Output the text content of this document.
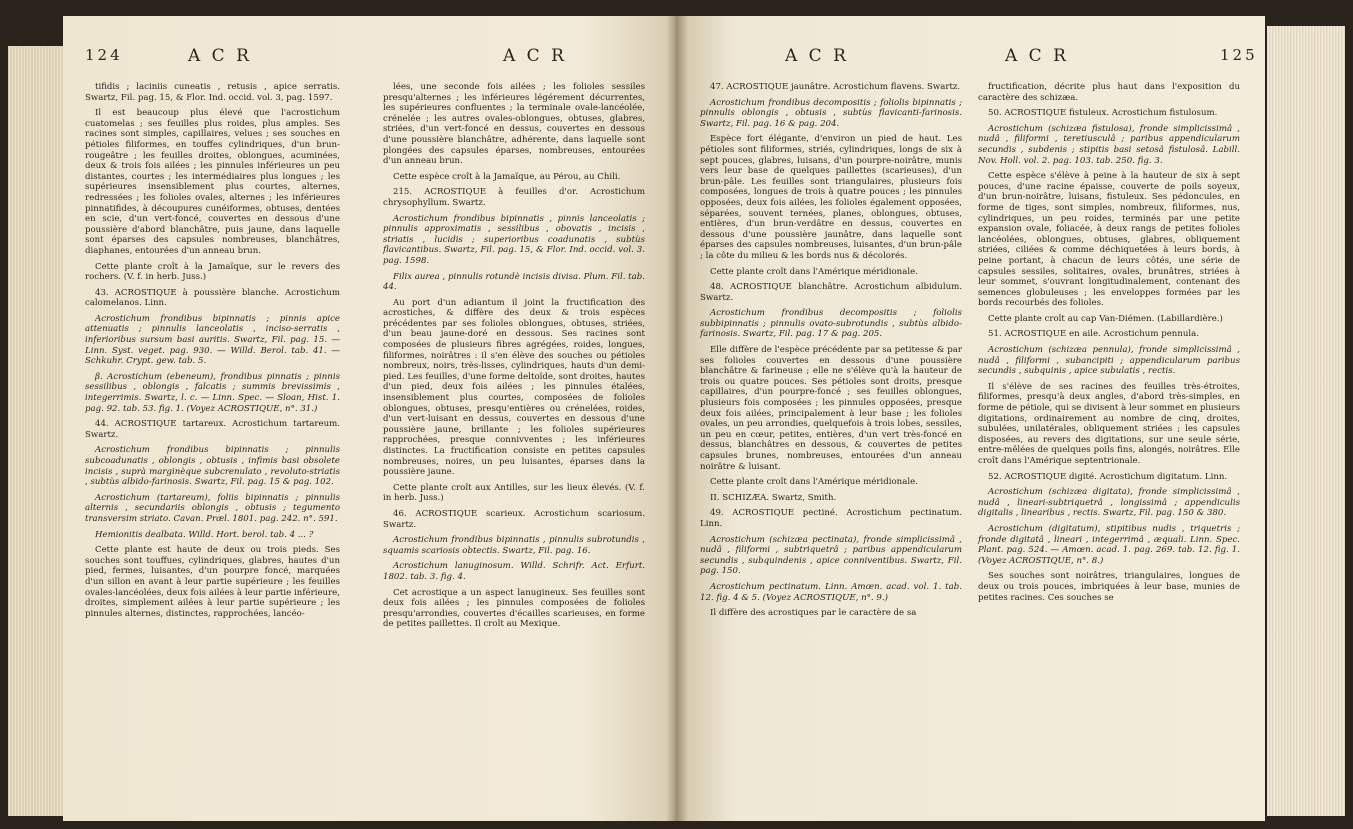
124	A C R	A C R

tifidis ; laciniis cuneatis , retusis , apice serratis. Swartz, Fil. pag. 15, & Flor. Ind. occid. vol. 3, pag. 1597.

Il est beaucoup plus élevé que l'acrostichum cuatomelas ; ses feuilles plus roides, plus amples. Ses racines sont simples, capillaires, velues ; ses souches en pétioles filiformes, en touffes cylindriques, d'un brun-rougeâtre ; les feuilles droites, oblongues, acuminées, deux & trois fois ailées ; les pinnules inférieures un peu distantes, courtes ; les intermédiaires plus longues ; les supérieures insensiblement plus courtes, alternes, redressées ; les folioles ovales, alternes ; les inférieures pinnatifides, à découpures cunéiformes, obtuses, dentées en scie, d'un vert-foncé, couvertes en dessous d'une poussière d'abord blanchâtre, puis jaune, dans laquelle sont éparses des capsules nombreuses, blanchâtres, diaphanes, entourées d'un anneau brun.

Cette plante croît à la Jamaïque, sur le revers des rochers. (V. f. in herb. Juss.)

43. ACROSTIQUE à poussière blanche. Acrostichum calomelanos. Linn.

Acrostichum frondibus bipinnatis ; pinnis apice attenuatis ; pinnulis lanceolatis , inciso-serratis , inferioribus sursum basi auritis. Swartz, Fil. pag. 15. — Linn. Syst. veget. pag. 930. — Willd. Berol. tab. 41. — Schkuhr. Crypt. gew. tab. 5.

β. Acrostichum (ebeneum), frondibus pinnatis ; pinnis sessilibus , oblongis , falcatis ; summis brevissimis , integerrimis. Swartz, l. c. — Linn. Spec. — Sloan, Hist. 1. pag. 92. tab. 53. fig. 1. (Voyez ACROSTIQUE, n°. 31.)

44. ACROSTIQUE tartareux. Acrostichum tartareum. Swartz.

Acrostichum frondibus bipinnatis ; pinnulis subcoadunatis , oblongis , obtusis , infimis basi obsolete incisis , suprà marginèque subcrenulato , revoluto-striatis , subtùs albido-farinosis. Swartz, Fil. pag. 15 & pag. 102.

Acrostichum (tartareum), foliis bipinnatis ; pinnulis alternis , secundariis oblongis , obtusis ; tegumento transversim striato. Cavan. Præl. 1801. pag. 242. n°. 591.

Hemionitis dealbata. Willd. Hort. berol. tab. 4 ... ?

Cette plante est haute de deux ou trois pieds. Ses souches sont touffues, cylindriques, glabres, hautes d'un pied, fermes, luisantes, d'un pourpre foncé, marquées d'un sillon en avant à leur partie supérieure ; les feuilles ovales-lancéolées, deux fois ailées à leur partie inférieure, droites, simplement ailées à leur partie supérieure ; les pinnules alternes, distinctes, rapprochées, lancéo-

lées, une seconde fois ailées ; les folioles sessiles presqu'alternes ; les inférieures légérement décurrentes, les supérieures confluentes ; la terminale ovale-lancéolée, crénelée ; les autres ovales-oblongues, obtuses, glabres, striées, d'un vert-foncé en dessus, couvertes en dessous d'une poussière blanchâtre, adhérente, dans laquelle sont plongées des capsules éparses, nombreuses, entourées d'un anneau brun.

Cette espèce croît à la Jamaïque, au Pérou, au Chili.

215. ACROSTIQUE à feuilles d'or. Acrostichum chrysophyllum. Swartz.

Acrostichum frondibus bipinnatis , pinnis lanceolatis ; pinnulis approximatis , sessilibus , obovatis , incisis , striatis , lucidis ; superioribus coadunatis , subtùs flavicantibus. Swartz, Fil. pag. 15, & Flor. Ind. occid. vol. 3. pag. 1598.

Filix aurea , pinnulis rotundè incisis divisa. Plum. Fil. tab. 44.

Au port d'un adiantum il joint la fructification des acrostiches, & diffère des deux & trois espèces précédentes par ses folioles oblongues, obtuses, striées, d'un beau jaune-doré en dessous. Ses racines sont composées de plusieurs fibres agrégées, roides, longues, filiformes, noirâtres : il s'en élève des souches ou pétioles nombreux, noirs, très-lisses, cylindriques, hauts d'un demi-pied. Les feuilles, d'une forme deltoïde, sont droites, hautes d'un pied, deux fois ailées ; les pinnules étalées, insensiblement plus courtes, composées de folioles oblongues, obtuses, presqu'entières ou crénelées, roides, d'un vert-luisant en dessus, couvertes en dessous d'une poussière jaune, brillante ; les folioles supérieures rapprochées, presque connivventes ; les inférieures distinctes. La fructification consiste en petites capsules nombreuses, noires, un peu luisantes, éparses dans la poussière jaune.

Cette plante croît aux Antilles, sur les lieux élevés. (V. f. in herb. Juss.)

46. ACROSTIQUE scarieux. Acrostichum scariosum. Swartz.

Acrostichum frondibus bipinnatis , pinnulis subrotundis , squamis scariosis obtectis. Swartz, Fil. pag. 16.

Acrostichum lanuginosum. Willd. Schrifr. Act. Erfurt. 1802. tab. 3. fig. 4.

Cet acrostique a un aspect lanugineux. Ses feuilles sont deux fois ailées ; les pinnules composées de folioles presqu'arrondies, couvertes d'écailles scarieuses, en forme de petites paillettes. Il croît au Mexique.

A C R	A C R	125

47. ACROSTIQUE jaunâtre. Acrostichum flavens. Swartz.

Acrostichum frondibus decompositis ; foliolis bipinnatis ; pinnulis oblongis , obtusis , subtùs flavicanti-farinosis. Swartz, Fil. pag. 16 & pag. 204.

Espèce fort élégante, d'environ un pied de haut. Les pétioles sont filiformes, striés, cylindriques, longs de six à sept pouces, glabres, luisans, d'un pourpre-noirâtre, munis vers leur base de quelques paillettes (scarieuses), d'un brun-pâle. Les feuilles sont triangulaires, plusieurs fois composées, longues de trois à quatre pouces ; les pinnules opposées, deux fois ailées, les folioles également opposées, séparées, souvent ternées, planes, oblongues, obtuses, entières, d'un brun-verdâtre en dessus, couvertes en dessous d'une poussière jaunâtre, dans laquelle sont éparses des capsules nombreuses, luisantes, d'un brun-pâle ; la côte du milieu & les bords nus & décolorés.

Cette plante croît dans l'Amérique méridionale.

48. ACROSTIQUE blanchâtre. Acrostichum albidulum. Swartz.

Acrostichum frondibus decompositis ; foliolis subbipinnatis ; pinnulis ovato-subrotundis , subtùs albido-farinosis. Swartz, Fil. pag. 17 & pag. 205.

Elle diffère de l'espèce précédente par sa petitesse & par ses folioles couvertes en dessous d'une poussière blanchâtre & farineuse ; elle ne s'élève qu'à la hauteur de trois ou quatre pouces. Ses pétioles sont droits, presque capillaires, d'un pourpre-foncé ; ses feuilles oblongues, plusieurs fois composées ; les pinnules opposées, presque deux fois ailées, principalement à leur base ; les folioles ovales, un peu arrondies, quelquefois à trois lobes, sessiles, un peu en cœur, petites, entières, d'un vert très-foncé en dessus, blanchâtres en dessous, & couvertes de petites capsules brunes, nombreuses, entourées d'un anneau noirâtre & luisant.

Cette plante croît dans l'Amérique méridionale.

II. SCHIZÆA. Swartz, Smith.

49. ACROSTIQUE pectiné. Acrostichum pectinatum. Linn.

Acrostichum (schizæa pectinata), fronde simplicissimâ , nudâ , filiformi , subtriquetrâ ; paribus appendicularum secundis , subquindenis , apice conniventibus. Swartz, Fil. pag. 150.

Acrostichum pectinatum. Linn. Amœn. acad. vol. 1. tab. 12. fig. 4 & 5. (Voyez ACROSTIQUE, n°. 9.)

Il diffère des acrostiques par le caractère de sa

fructification, décrite plus haut dans l'exposition du caractère des schizæa.

50. ACROSTIQUE fistuleux. Acrostichum fistulosum.

Acrostichum (schizæa fistulosa), fronde simplicissimâ , nudâ , filiformi , teretiusculâ ; paribus appendicularum secundis , subdenis ; stipitis basi setosâ fistulosâ. Labill. Nov. Holl. vol. 2. pag. 103. tab. 250. fig. 3.

Cette espèce s'élève à peine à la hauteur de six à sept pouces, d'une racine épaisse, couverte de poils soyeux, d'un brun-noirâtre, luisans, fistuleux. Ses pédoncules, en forme de tiges, sont simples, nombreux, filiformes, nus, cylindriques, un peu roides, terminés par une petite expansion ovale, foliacée, à deux rangs de petites folioles lancéolées, oblongues, obtuses, glabres, obliquement striées, ciliées & comme déchiquetées à leurs bords, à peine portant, à chacun de leurs côtés, une série de capsules sessiles, solitaires, ovales, brunâtres, striées à leur sommet, s'ouvrant longitudinalement, contenant des semences globuleuses ; les enveloppes formées par les bords recourbés des folioles.

Cette plante croît au cap Van-Diémen. (Labillardière.)

51. ACROSTIQUE en aile. Acrostichum pennula.

Acrostichum (schizæa pennula), fronde simplicissimâ , nudâ , filiformi , subancipiti ; appendicularum paribus secundis , subquinis , apice subulatis , rectis.

Il s'élève de ses racines des feuilles très-étroites, filiformes, presqu'à deux angles, d'abord très-simples, en forme de pétiole, qui se divisent à leur sommet en plusieurs digitations, ordinairement au nombre de cinq, droites, subulées, unilatérales, obliquement striées ; les capsules disposées, au revers des digitations, sur une seule série, entre-mêlées de quelques poils fins, alongés, noirâtres. Elle croît dans l'Amérique septentrionale.

52. ACROSTIQUE digité. Acrostichum digitatum. Linn.

Acrostichum (schizæa digitata), fronde simplicissimâ , nudâ , lineari-subtriquetrâ , longissimâ ; appendiculis digitalis , linearibus , rectis. Swartz, Fil. pag. 150 & 380.

Acrostichum (digitatum), stipitibus nudis , triquetris ; fronde digitatâ , lineari , integerrimâ , æquali. Linn. Spec. Plant. pag. 524. — Amœn. acad. 1. pag. 269. tab. 12. fig. 1. (Voyez ACROSTIQUE, n°. 8.)

Ses souches sont noirâtres, triangulaires, longues de deux ou trois pouces, imbriquées à leur base, munies de petites racines. Ces souches se
